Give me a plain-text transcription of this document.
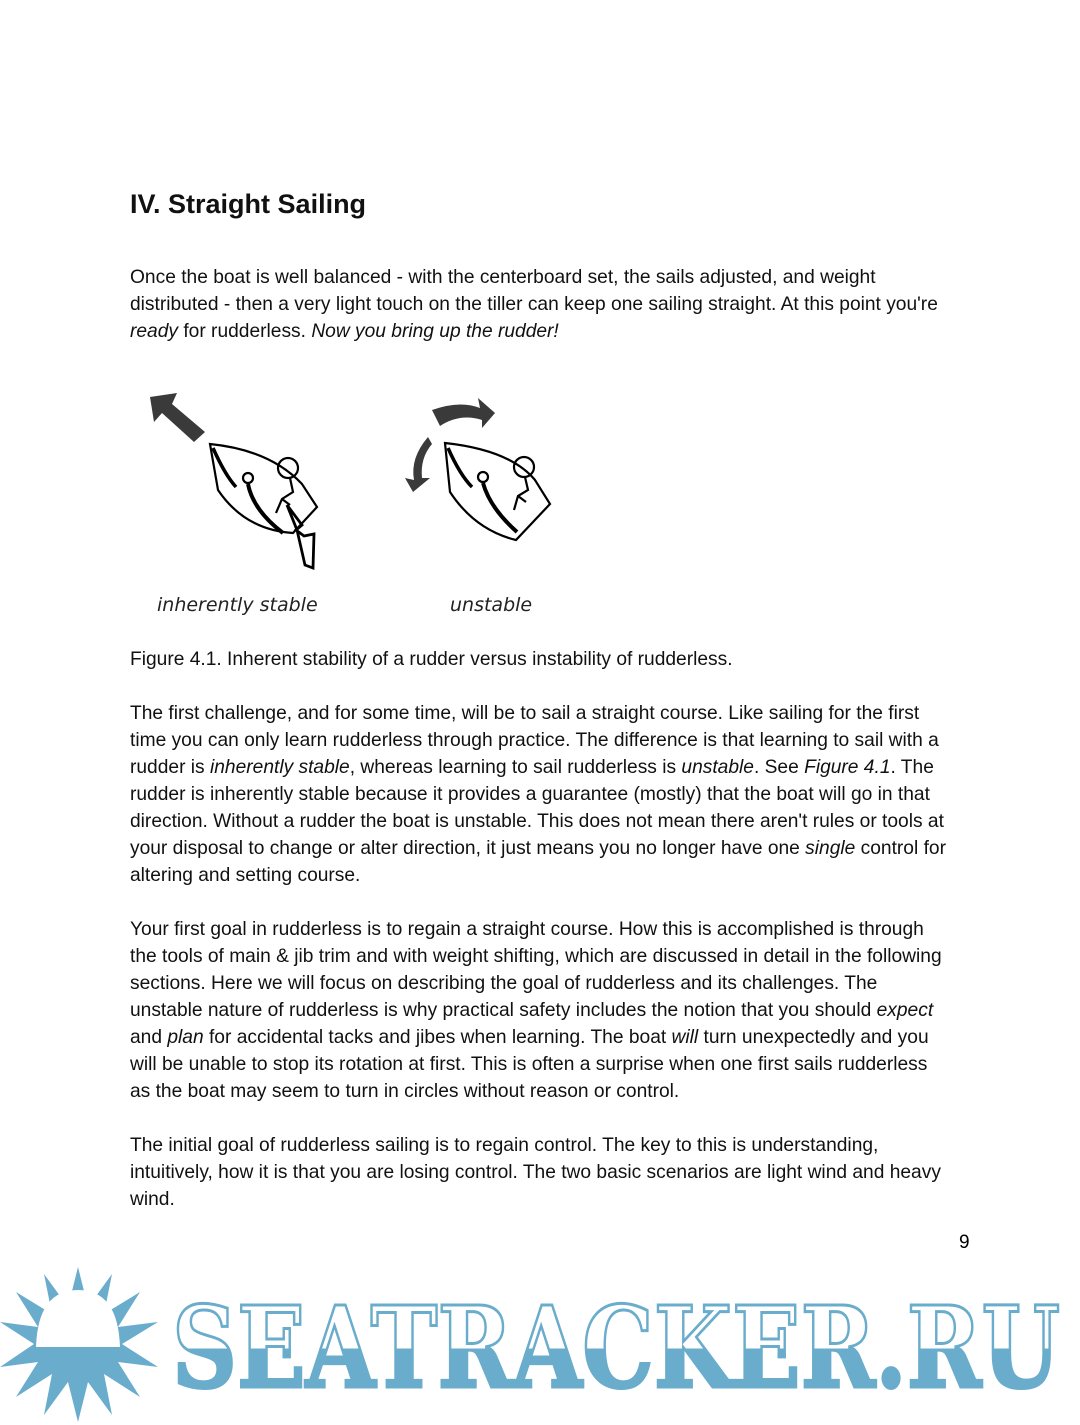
IV. Straight Sailing
Once the boat is well balanced - with the centerboard set, the sails adjusted, and weight
distributed - then a very light touch on the tiller can keep one sailing straight. At this point you're
ready for rudderless. Now you bring up the rudder!
inherently stable	unstable
Figure 4.1. Inherent stability of a rudder versus instability of rudderless.
The first challenge, and for some time, will be to sail a straight course. Like sailing for the first
time you can only learn rudderless through practice. The difference is that learning to sail with a
rudder is inherently stable, whereas learning to sail rudderless is unstable. See Figure 4.1. The
rudder is inherently stable because it provides a guarantee (mostly) that the boat will go in that
direction. Without a rudder the boat is unstable. This does not mean there aren't rules or tools at
your disposal to change or alter direction, it just means you no longer have one single control for
altering and setting course.
Your first goal in rudderless is to regain a straight course. How this is accomplished is through
the tools of main & jib trim and with weight shifting, which are discussed in detail in the following
sections. Here we will focus on describing the goal of rudderless and its challenges. The
unstable nature of rudderless is why practical safety includes the notion that you should expect
and plan for accidental tacks and jibes when learning. The boat will turn unexpectedly and you
will be unable to stop its rotation at first. This is often a surprise when one first sails rudderless
as the boat may seem to turn in circles without reason or control.
The initial goal of rudderless sailing is to regain control. The key to this is understanding,
intuitively, how it is that you are losing control. The two basic scenarios are light wind and heavy
wind.
SEATRACKER.RU
9
